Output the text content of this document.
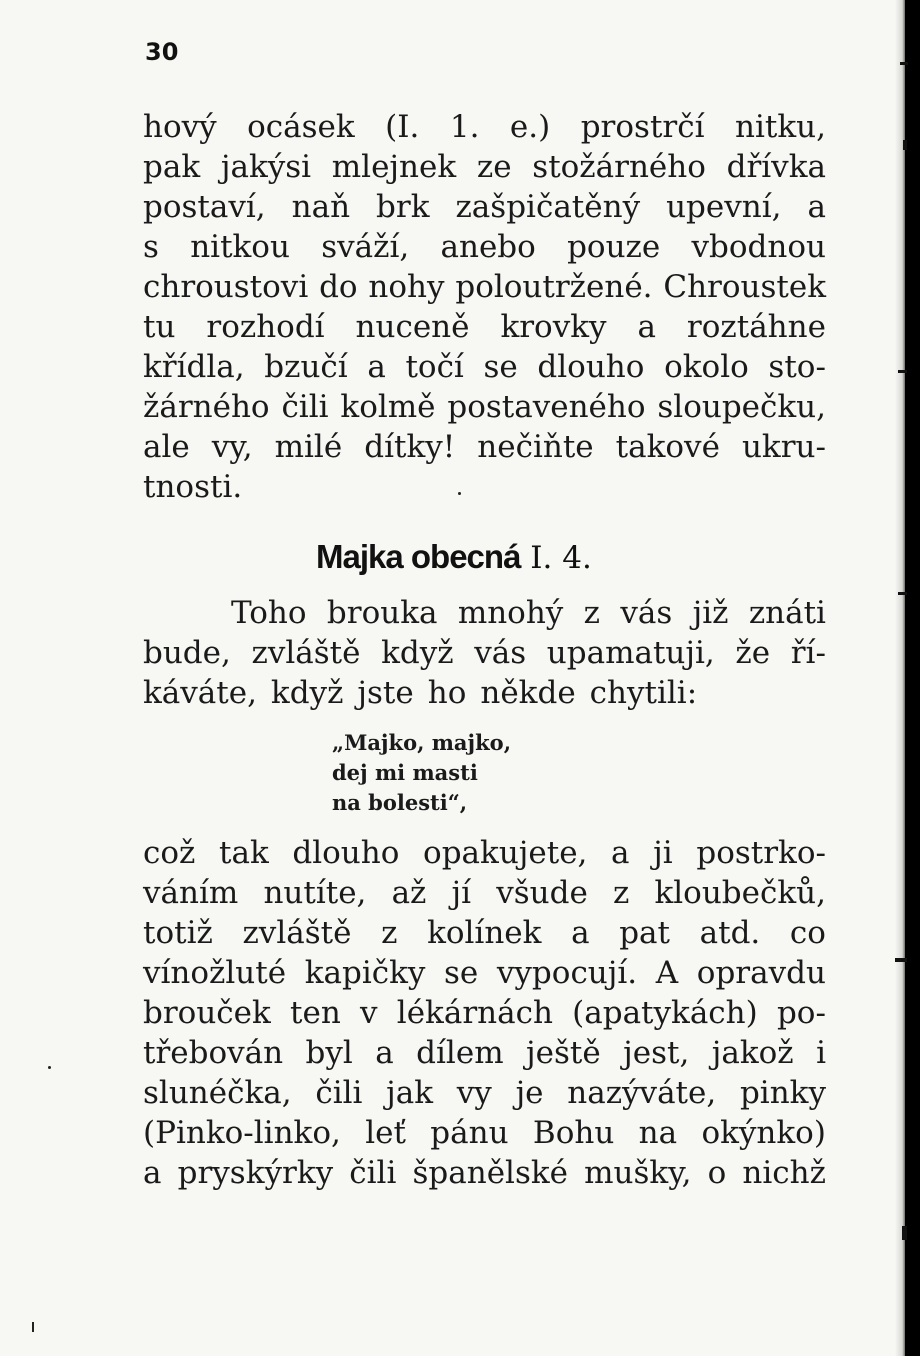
30
hový ocásek (I. 1. e.) prostrčí nitku,
pak jakýsi mlejnek ze stožárného dřívka
postaví, naň brk zašpičatěný upevní, a
s nitkou sváží, anebo pouze vbodnou
chroustovi do nohy poloutržené. Chroustek
tu rozhodí nuceně krovky a roztáhne
křídla, bzučí a točí se dlouho okolo sto-
žárného čili kolmě postaveného sloupečku,
ale vy, milé dítky! nečiňte takové ukru-
tnosti.
Majka obecná I. 4.
Toho brouka mnohý z vás již znáti
bude, zvláště když vás upamatuji, že ří-
káváte, když jste ho někde chytili:
„Majko, majko,
dej mi masti
na bolesti“,
což tak dlouho opakujete, a ji postrko-
váním nutíte, až jí všude z kloubečků,
totiž zvláště z kolínek a pat atd. co
vínožluté kapičky se vypocují. A opravdu
brouček ten v lékárnách (apatykách) po-
třebován byl a dílem ještě jest, jakož i
slunéčka, čili jak vy je nazýváte, pinky
(Pinko-linko, leť pánu Bohu na okýnko)
a pryskýrky čili španělské mušky, o nichž
